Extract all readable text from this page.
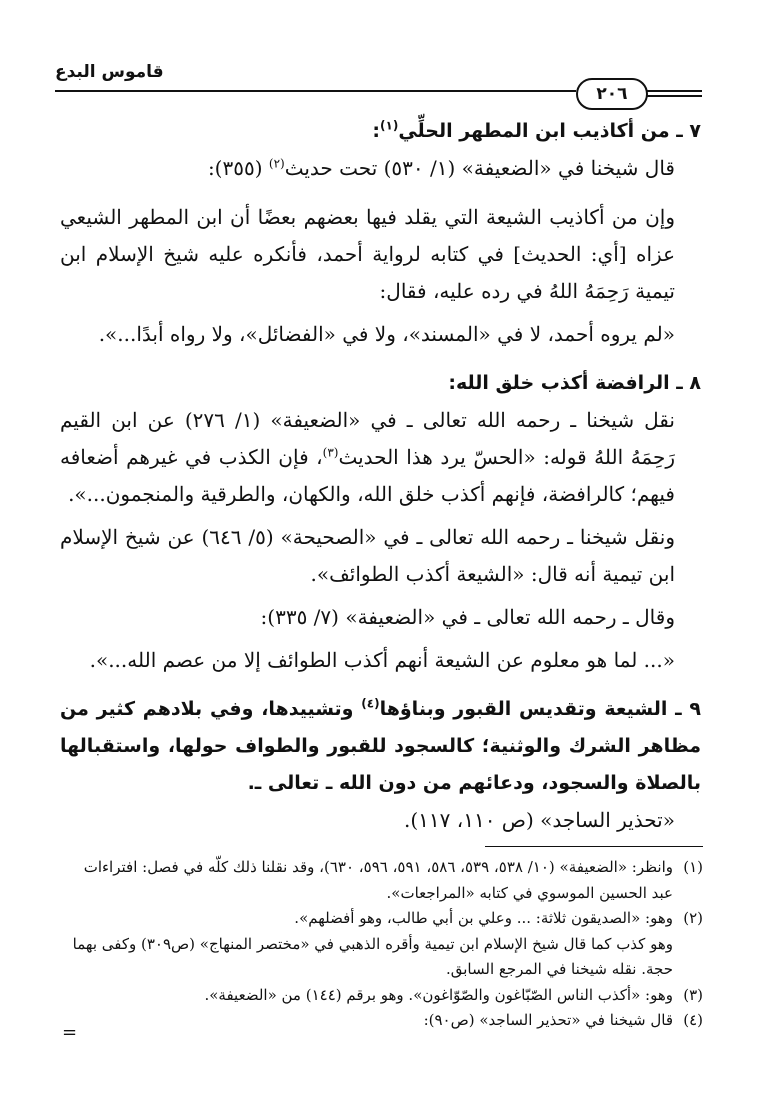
قاموس البدع
٢٠٦

٧ ـ من أكاذيب ابن المطهر الحلِّي$^{(١)}$:

قال شيخنا في «الضعيفة» (١/ ٥٣٠) تحت حديث$^{(٢)}$ (٣٥٥):

وإن من أكاذيب الشيعة التي يقلد فيها بعضهم بعضًا أن ابن المطهر الشيعي عزاه [أي: الحديث] في كتابه لرواية أحمد، فأنكره عليه شيخ الإسلام ابن تيمية رَحِمَهُ اللهُ في رده عليه، فقال:

«لم يروه أحمد، لا في «المسند»، ولا في «الفضائل»، ولا رواه أبدًا...».

٨ ـ الرافضة أكذب خلق الله:

نقل شيخنا ـ رحمه الله تعالى ـ في «الضعيفة» (١/ ٢٧٦) عن ابن القيم رَحِمَهُ اللهُ قوله: «الحسّ يرد هذا الحديث$^{(٣)}$، فإن الكذب في غيرهم أضعافه فيهم؛ كالرافضة، فإنهم أكذب خلق الله، والكهان، والطرقية والمنجمون...».

ونقل شيخنا ـ رحمه الله تعالى ـ في «الصحيحة» (٥/ ٦٤٦) عن شيخ الإسلام ابن تيمية أنه قال: «الشيعة أكذب الطوائف».

وقال ـ رحمه الله تعالى ـ في «الضعيفة» (٧/ ٣٣٥):

«... لما هو معلوم عن الشيعة أنهم أكذب الطوائف إلا من عصم الله...».

٩ ـ الشيعة وتقديس القبور وبناؤها$^{(٤)}$ وتشييدها، وفي بلادهم كثير من مظاهر الشرك والوثنية؛ كالسجود للقبور والطواف حولها، واستقبالها بالصلاة والسجود، ودعائهم من دون الله ـ تعالى ـ.

«تحذير الساجد» (ص ١١٠، ١١٧).

(١)
وانظر: «الضعيفة» (١٠/ ٥٣٨، ٥٣٩، ٥٨٦، ٥٩١، ٥٩٦، ٦٣٠)، وقد نقلنا ذلك كلّه في فصل: افتراءات عبد الحسين الموسوي في كتابه «المراجعات».
(٢)
وهو: «الصديقون ثلاثة: ... وعلي بن أبي طالب، وهو أفضلهم».
وهو كذب كما قال شيخ الإسلام ابن تيمية وأقره الذهبي في «مختصر المنهاج» (ص٣٠٩) وكفى بهما حجة. نقله شيخنا في المرجع السابق.
(٣)
وهو: «أكذب الناس الصّبّاغون والصّوّاغون». وهو برقم (١٤٤) من «الضعيفة».
(٤)
قال شيخنا في «تحذير الساجد» (ص٩٠):
=
